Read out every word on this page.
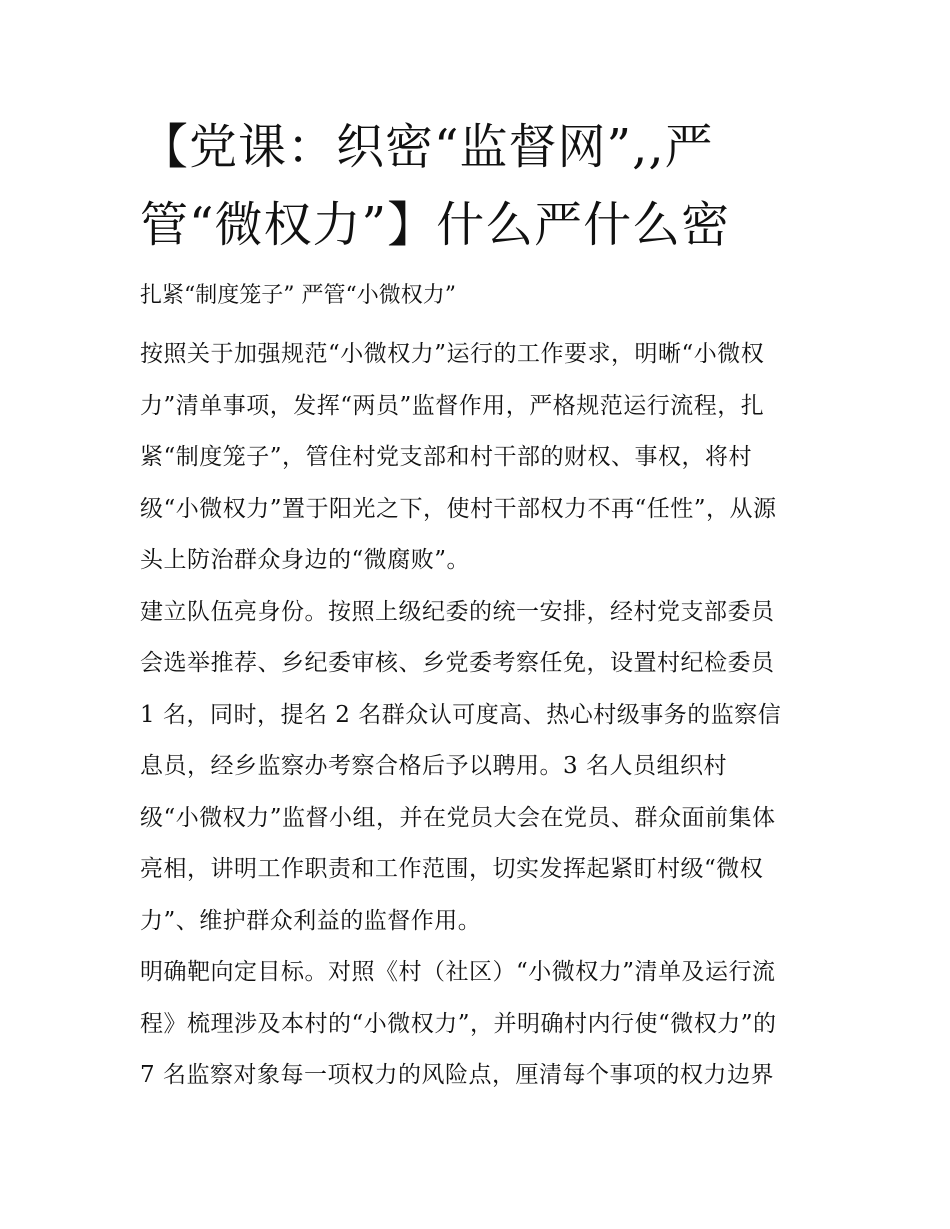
【党课：织密“监督网”,,严
管“微权力”】什么严什么密

扎紧“制度笼子” 严管“小微权力”

按照关于加强规范“小微权力”运行的工作要求，明晰“小微权
力”清单事项，发挥“两员”监督作用，严格规范运行流程，扎
紧“制度笼子”，管住村党支部和村干部的财权、事权，将村
级“小微权力”置于阳光之下，使村干部权力不再“任性”，从源
头上防治群众身边的“微腐败”。

建立队伍亮身份。按照上级纪委的统一安排，经村党支部委员
会选举推荐、乡纪委审核、乡党委考察任免，设置村纪检委员
1 名，同时，提名 2 名群众认可度高、热心村级事务的监察信
息员，经乡监察办考察合格后予以聘用。3 名人员组织村
级“小微权力”监督小组，并在党员大会在党员、群众面前集体
亮相，讲明工作职责和工作范围，切实发挥起紧盯村级“微权
力”、维护群众利益的监督作用。

明确靶向定目标。对照《村（社区）“小微权力”清单及运行流
程》梳理涉及本村的“小微权力”，并明确村内行使“微权力”的
7 名监察对象每一项权力的风险点，厘清每个事项的权力边界
